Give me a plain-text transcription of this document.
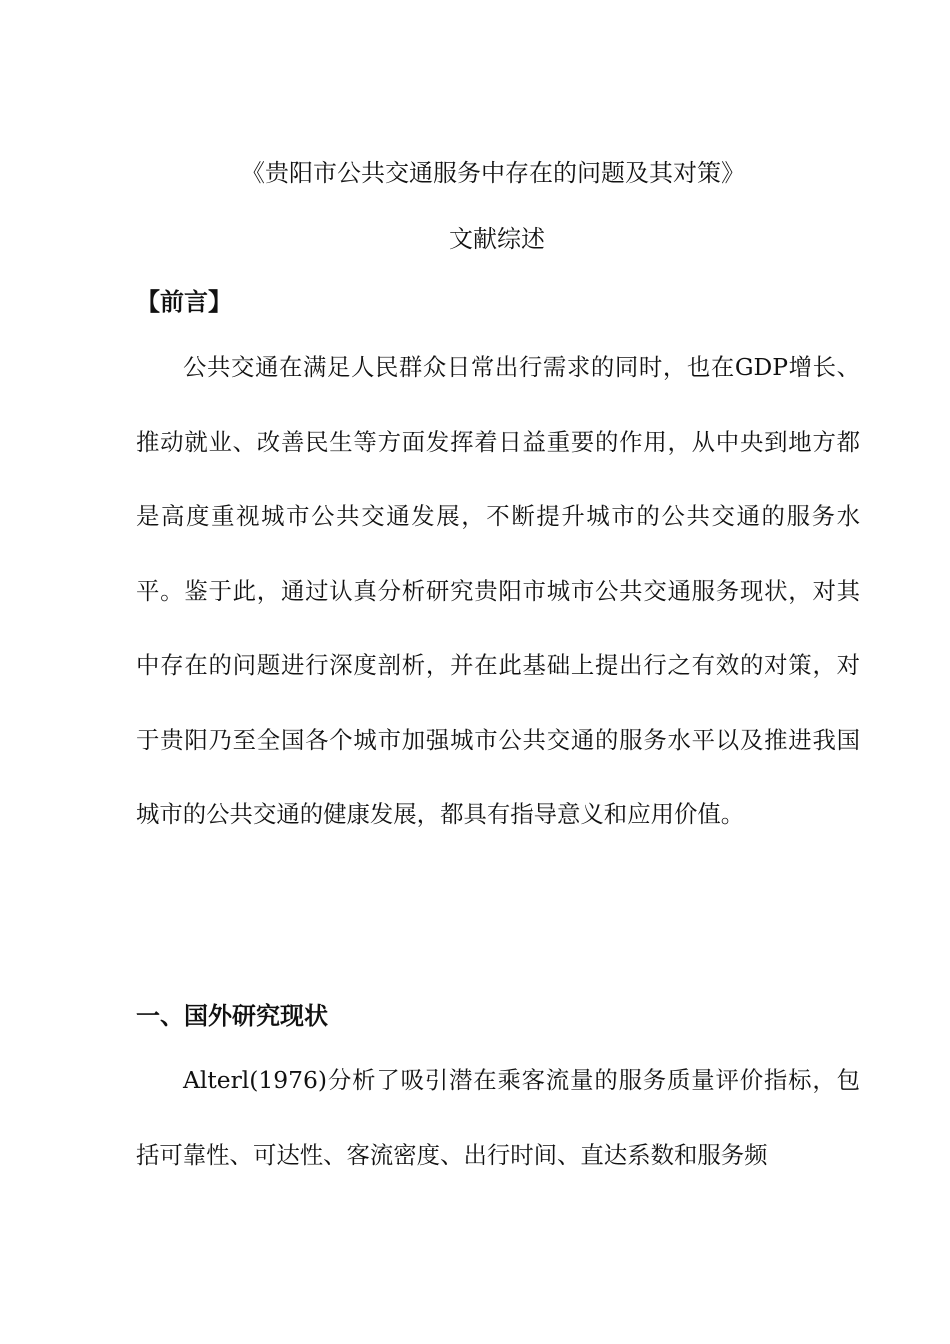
《贵阳市公共交通服务中存在的问题及其对策》
文献综述
【前言】

公共交通在满足人民群众日常出行需求的同时，也在GDP增长、推动就业、改善民生等方面发挥着日益重要的作用，从中央到地方都是高度重视城市公共交通发展，不断提升城市的公共交通的服务水平。鉴于此，通过认真分析研究贵阳市城市公共交通服务现状，对其中存在的问题进行深度剖析，并在此基础上提出行之有效的对策，对于贵阳乃至全国各个城市加强城市公共交通的服务水平以及推进我国城市的公共交通的健康发展，都具有指导意义和应用价值。

一、国外研究现状

Alterl(1976)分析了吸引潜在乘客流量的服务质量评价指标，包括可靠性、可达性、客流密度、出行时间、直达系数和服务频
